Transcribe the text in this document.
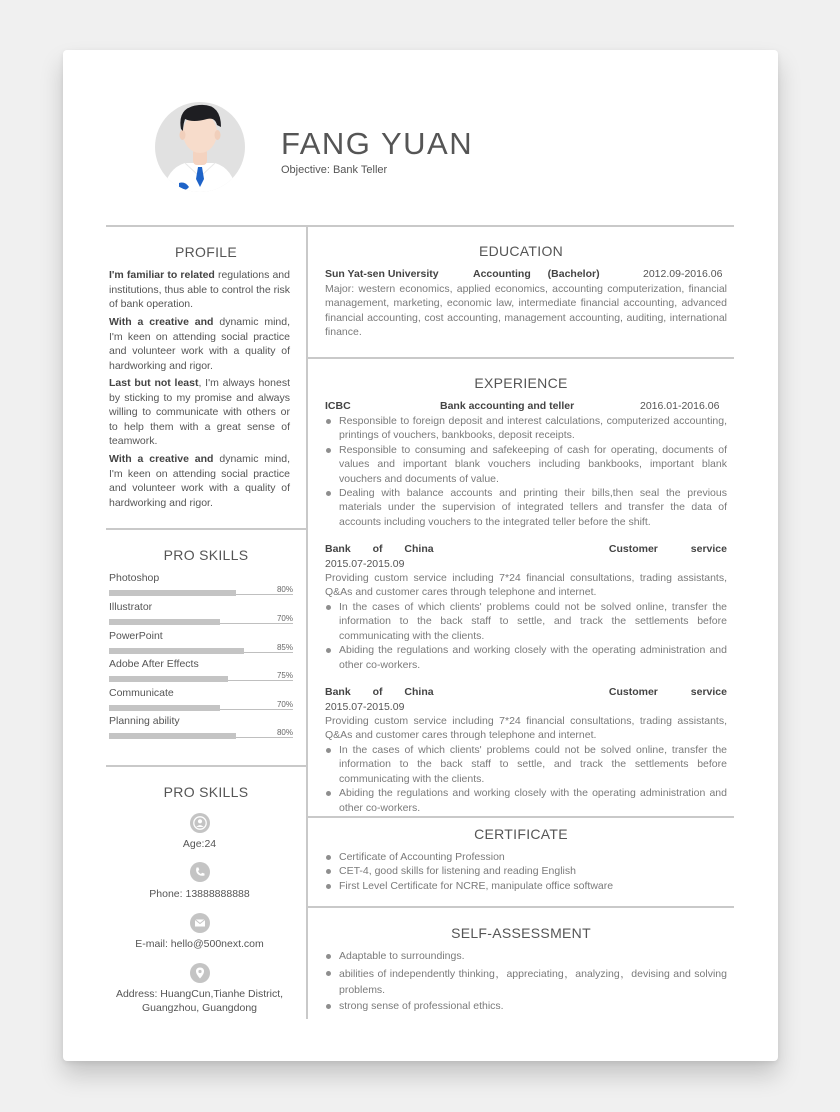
FANG YUAN
Objective: Bank Teller
PROFILE

I'm familiar to related regulations and institutions, thus able to control the risk of bank operation.

With a creative and dynamic mind, I'm keen on attending social practice and volunteer work with a quality of hardworking and rigor.

Last but not least, I'm always honest by sticking to my promise and always willing to communicate with others or to help them with a great sense of teamwork.

With a creative and dynamic mind, I'm keen on attending social practice and volunteer work with a quality of hardworking and rigor.

PRO SKILLS
Photoshop
80%
Illustrator
70%
PowerPoint
85%
Adobe After Effects
75%
Communicate
70%
Planning ability
80%
PRO SKILLS
Age:24
Phone: 13888888888
E-mail: hello@500next.com
Address: HuangCun,Tianhe District, Guangzhou, Guangdong
EDUCATION
Sun Yat-sen University	Accounting (Bachelor)	2012.09-2016.06

Major: western economics, applied economics, accounting computerization, financial management, marketing, economic law, intermediate financial accounting, advanced financial accounting, cost accounting, management accounting, auditing, international finance.

EXPERIENCE
ICBC	Bank accounting and teller	2016.01-2016.06
Responsible to foreign deposit and interest calculations, computerized accounting, printings of vouchers, bankbooks, deposit receipts.
Responsible to consuming and safekeeping of cash for operating, documents of values and important blank vouchers including bankbooks, important blank vouchers and documents of value.
Dealing with balance accounts and printing their bills,then seal the previous materials under the supervision of integrated tellers and transfer the data of accounts including vouchers to the integrated teller before the shift.
Bank of China	Customer service
2015.07-2015.09

Providing custom service including 7*24 financial consultations, trading assistants, Q&As and customer cares through telephone and internet.

In the cases of which clients' problems could not be solved online, transfer the information to the back staff to settle, and track the settlements before communicating with the clients.
Abiding the regulations and working closely with the operating administration and other co-workers.
Bank of China	Customer service
2015.07-2015.09

Providing custom service including 7*24 financial consultations, trading assistants, Q&As and customer cares through telephone and internet.

In the cases of which clients' problems could not be solved online, transfer the information to the back staff to settle, and track the settlements before communicating with the clients.
Abiding the regulations and working closely with the operating administration and other co-workers.
CERTIFICATE
Certificate of Accounting Profession
CET-4, good skills for listening and reading English
First Level Certificate for NCRE, manipulate office software
SELF-ASSESSMENT
Adaptable to surroundings.
abilities of independently thinking，appreciating，analyzing，devising and solving problems.
strong sense of professional ethics.
